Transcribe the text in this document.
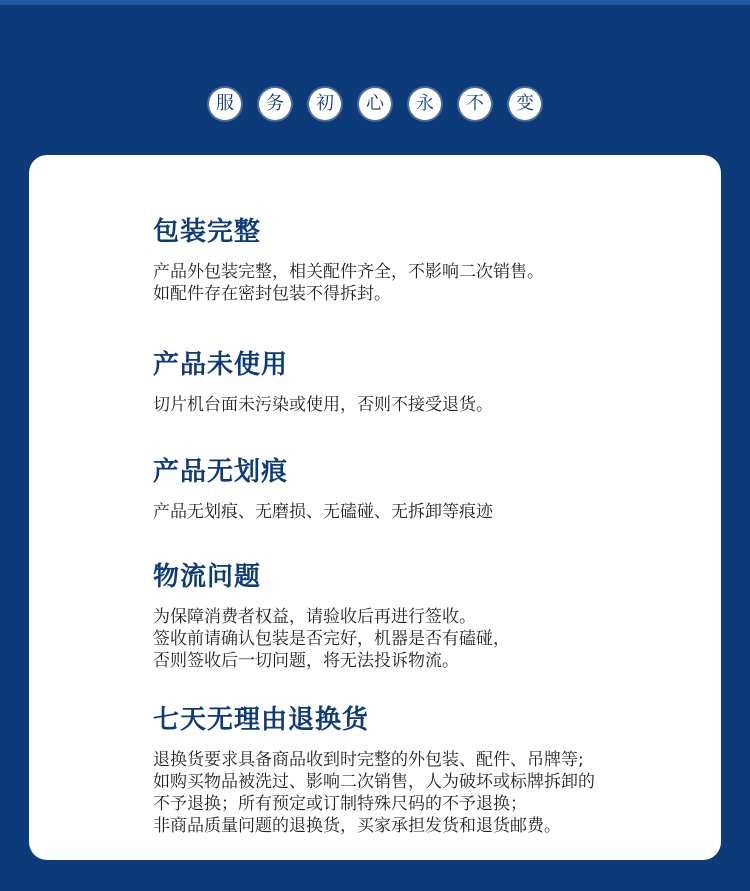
服	务	初	心	永	不	变
包装完整
产品外包装完整，相关配件齐全，不影响二次销售。
如配件存在密封包装不得拆封。
产品未使用
切片机台面未污染或使用，否则不接受退货。
产品无划痕
产品无划痕、无磨损、无磕碰、无拆卸等痕迹
物流问题
为保障消费者权益，请验收后再进行签收。
签收前请确认包装是否完好，机器是否有磕碰，
否则签收后一切问题，将无法投诉物流。
七天无理由退换货
退换货要求具备商品收到时完整的外包装、配件、吊牌等;
如购买物品被洗过、影响二次销售，人为破坏或标牌拆卸的
不予退换；所有预定或订制特殊尺码的不予退换；
非商品质量问题的退换货，买家承担发货和退货邮费。
